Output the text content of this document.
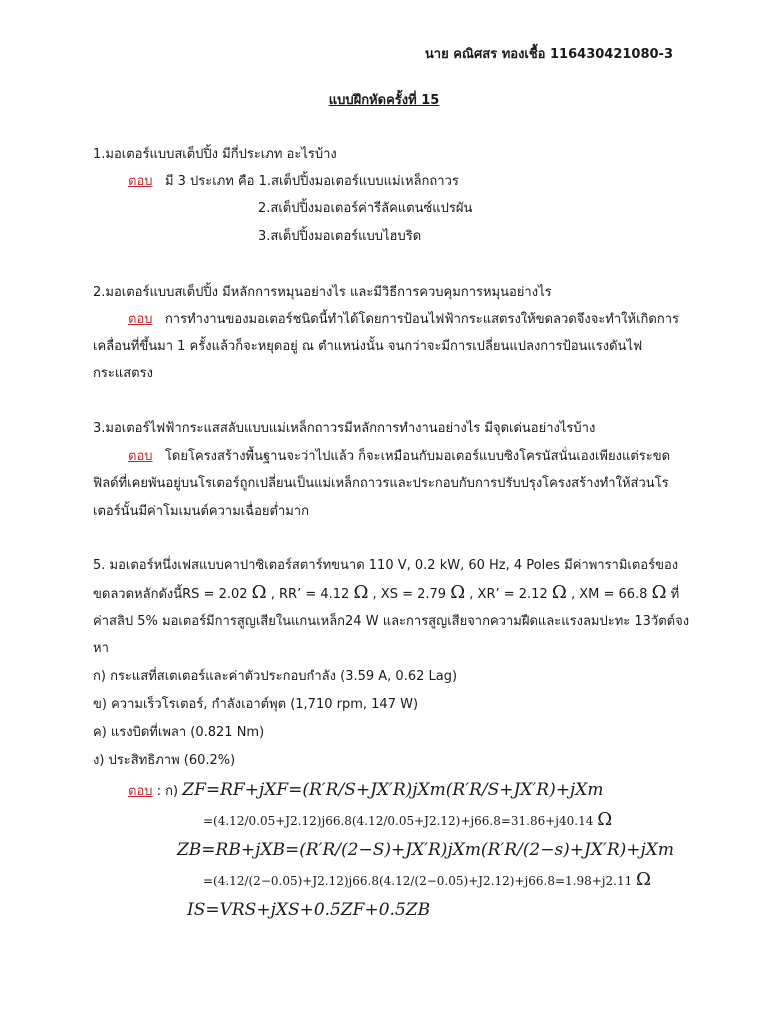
นาย คณิศสร ทองเชื้อ 116430421080-3
แบบฝึกหัดครั้งที่ 15
1.มอเตอร์แบบสเต็ปปิ้ง มีกี่ประเภท อะไรบ้าง
ตอบ มี 3 ประเภท คือ 1.สเต็ปปิ้งมอเตอร์แบบแม่เหล็กถาวร
2.สเต็ปปิ้งมอเตอร์ค่ารีลัคแตนซ์แปรผัน
3.สเต็ปปิ้งมอเตอร์แบบไฮบริด
2.มอเตอร์แบบสเต็ปปิ้ง มีหลักการหมุนอย่างไร และมีวิธีการควบคุมการหมุนอย่างไร
ตอบ การทำงานของมอเตอร์ชนิดนี้ทำได้โดยการป้อนไฟฟ้ากระแสตรงให้ขดลวดจึงจะทำให้เกิดการ
เคลื่อนที่ขึ้นมา 1 ครั้งแล้วก็จะหยุดอยู่ ณ ตำแหน่งนั้น จนกว่าจะมีการเปลี่ยนแปลงการป้อนแรงดันไฟ
กระแสตรง
3.มอเตอร์ไฟฟ้ากระแสสลับแบบแม่เหล็กถาวรมีหลักการทำงานอย่างไร มีจุดเด่นอย่างไรบ้าง
ตอบ โดยโครงสร้างพื้นฐานจะว่าไปแล้ว ก็จะเหมือนกับมอเตอร์แบบซิงโครนัสนั่นเองเพียงแต่ระขด
ฟิลด์ที่เคยพันอยู่บนโรเตอร์ถูกเปลี่ยนเป็นแม่เหล็กถาวรและประกอบกับการปรับปรุงโครงสร้างทำให้ส่วนโร
เตอร์นั้นมีค่าโมเมนต์ความเฉื่อยต่ำมาก
5. มอเตอร์หนึ่งเฟสแบบคาปาซิเตอร์สตาร์ทขนาด 110 V, 0.2 kW, 60 Hz, 4 Poles มีค่าพารามิเตอร์ของ
ขดลวดหลักดังนี้RS = 2.02 Ω , RR’ = 4.12 Ω , XS = 2.79 Ω , XR’ = 2.12 Ω , XM = 66.8 Ω ที่
ค่าสลิป 5% มอเตอร์มีการสูญเสียในแกนเหล็ก24 W และการสูญเสียจากความฝืดและแรงลมปะทะ 13วัตต์จง
หา
ก) กระแสที่สเตเตอร์และค่าตัวประกอบกำลัง (3.59 A, 0.62 Lag)
ข) ความเร็วโรเตอร์, กำลังเอาต์พุต (1,710 rpm, 147 W)
ค) แรงบิดที่เพลา (0.821 Nm)
ง) ประสิทธิภาพ (60.2%)
ตอบ : ก) ZF=RF+jXF=(R′R/S+JX′R)jXm(R′R/S+JX′R)+jXm
=(4.12/0.05+J2.12)j66.8(4.12/0.05+J2.12)+j66.8=31.86+j40.14 Ω
ZB=RB+jXB=(R′R/(2−S)+JX′R)jXm(R′R/(2−s)+JX′R)+jXm
=(4.12/(2−0.05)+J2.12)j66.8(4.12/(2−0.05)+J2.12)+j66.8=1.98+j2.11 Ω
IS=VRS+jXS+0.5ZF+0.5ZB
